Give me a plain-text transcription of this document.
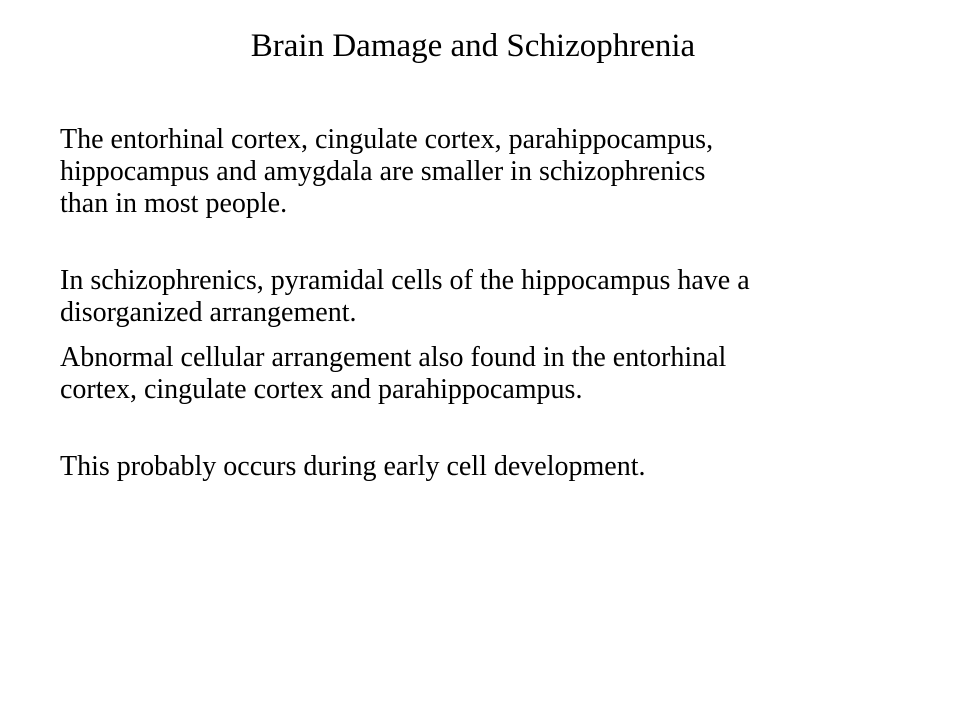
Brain Damage and Schizophrenia

The entorhinal cortex, cingulate cortex, parahippocampus,
hippocampus and amygdala are smaller in schizophrenics
than in most people.

In schizophrenics, pyramidal cells of the hippocampus have a
disorganized arrangement.

Abnormal cellular arrangement also found in the entorhinal
cortex, cingulate cortex and parahippocampus.

This probably occurs during early cell development.
